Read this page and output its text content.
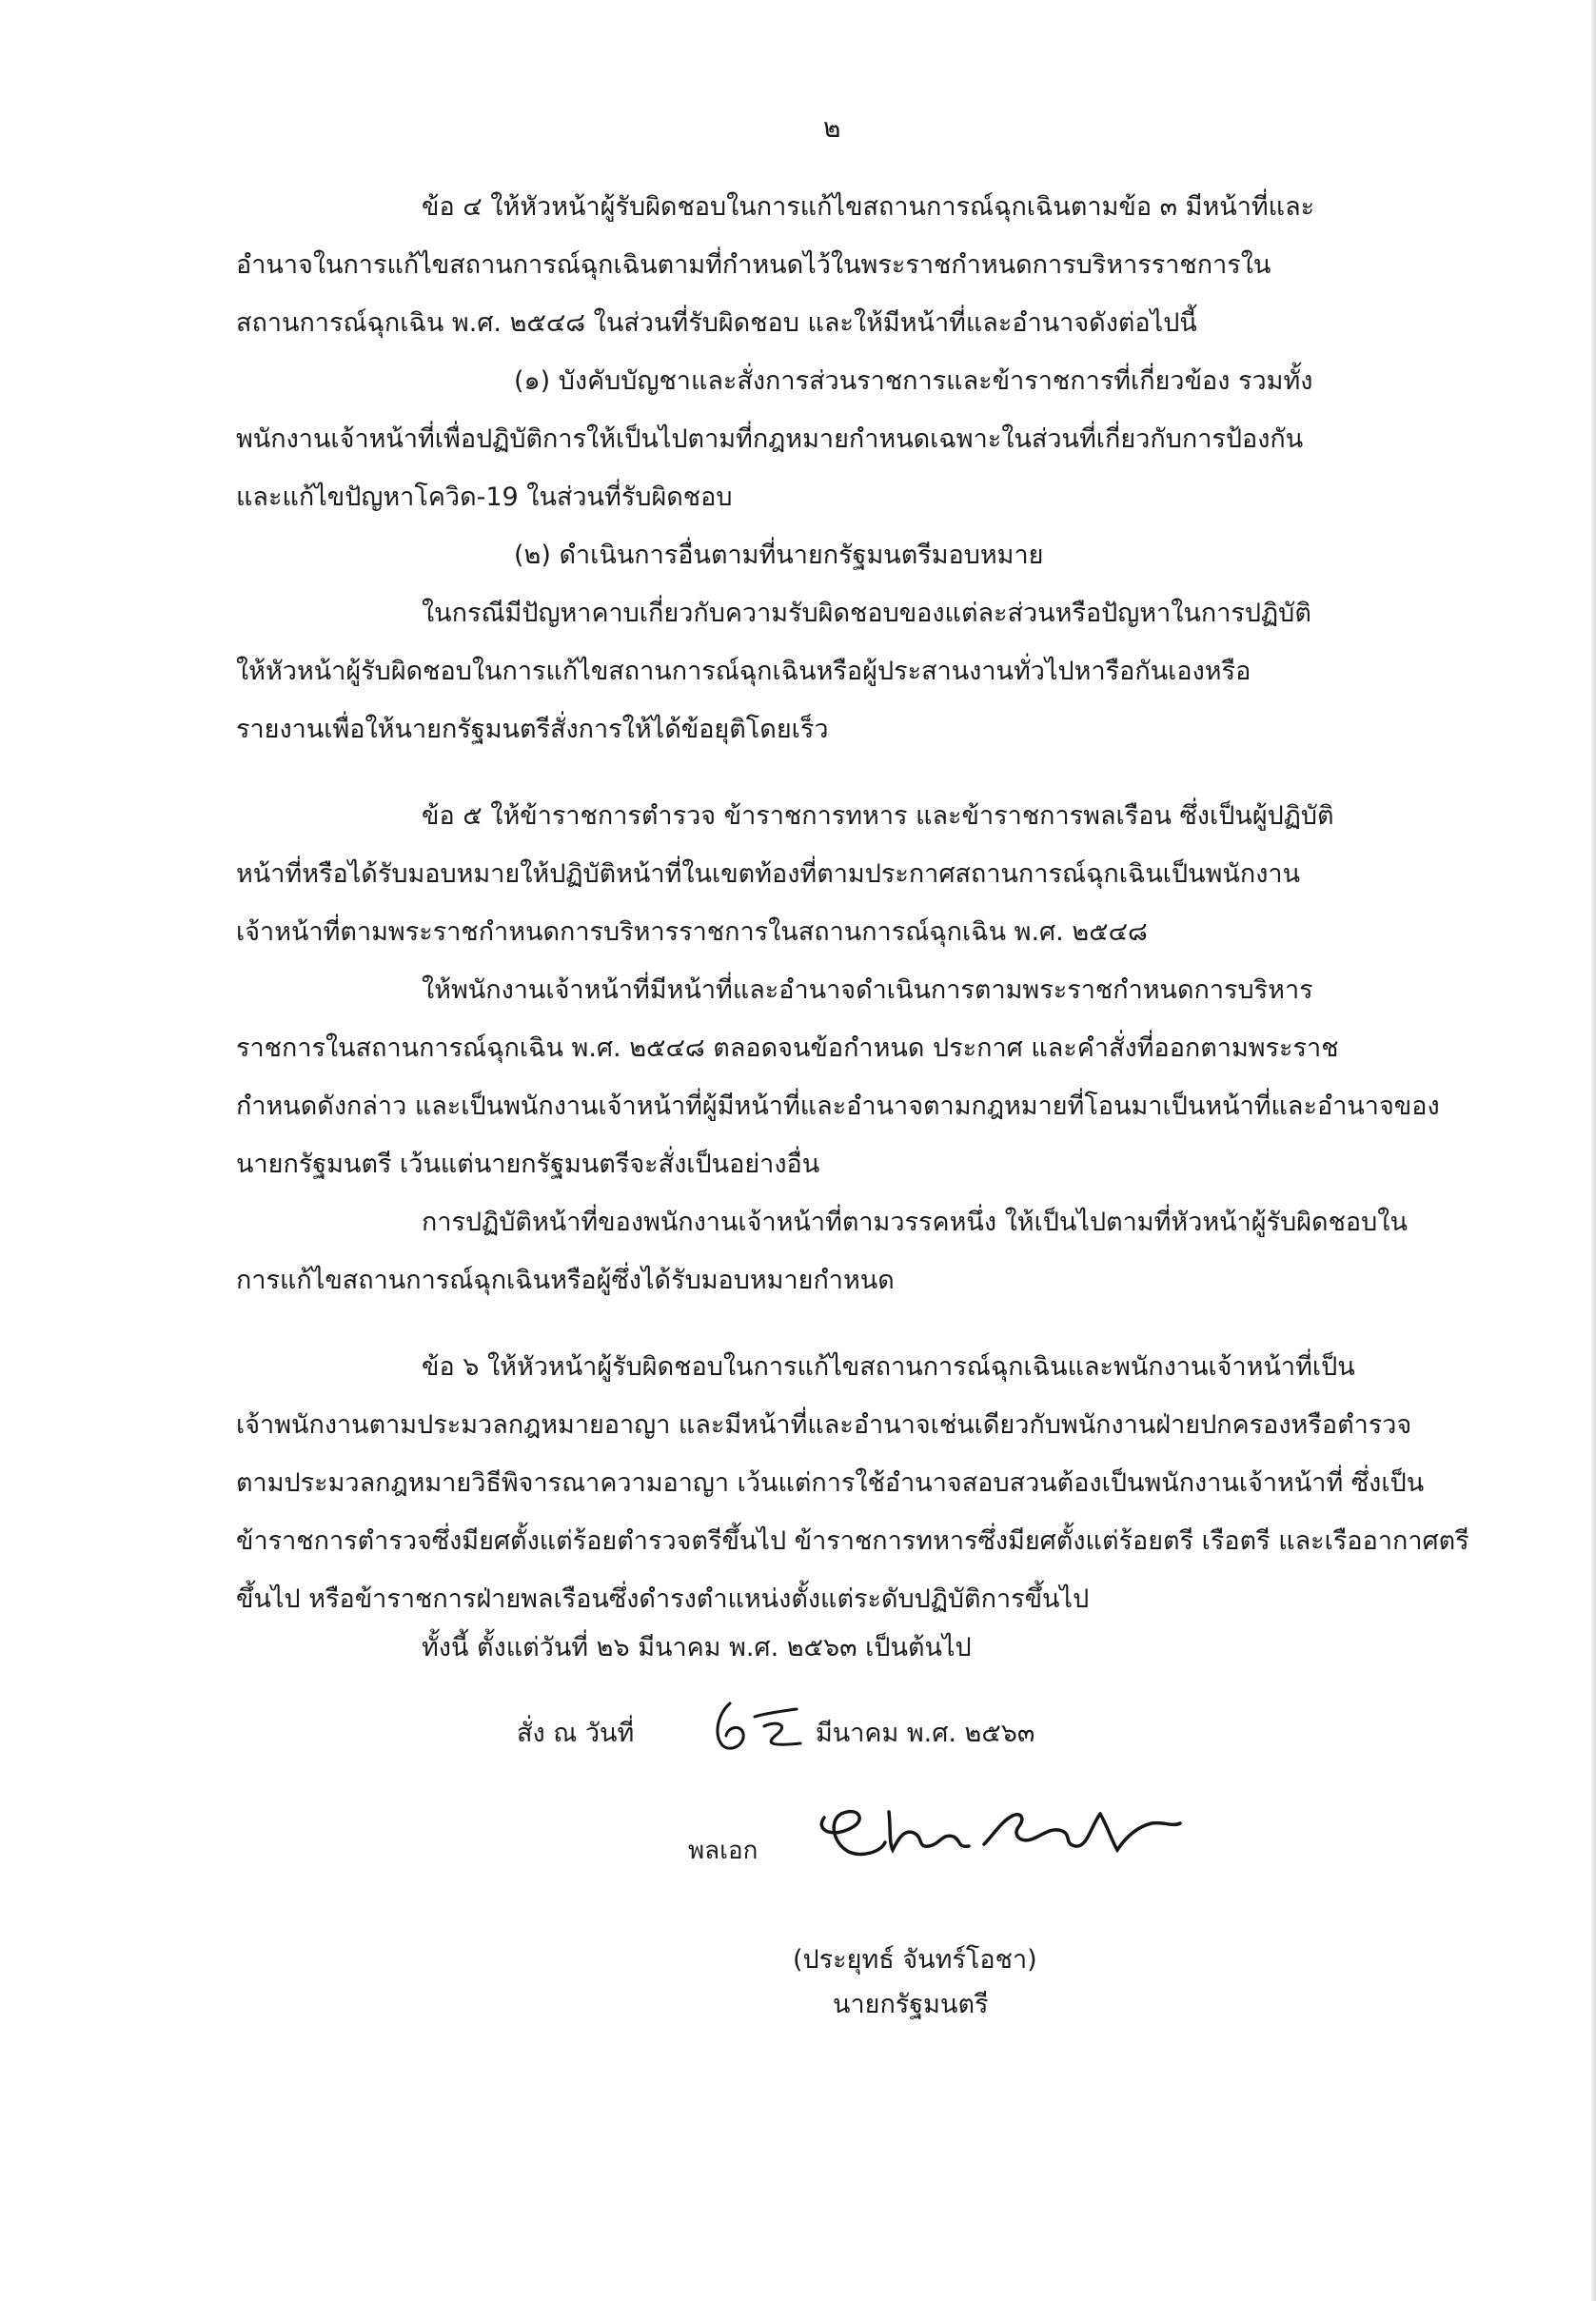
๒
ข้อ ๔ ให้หัวหน้าผู้รับผิดชอบในการแก้ไขสถานการณ์ฉุกเฉินตามข้อ ๓ มีหน้าที่และ
อำนาจในการแก้ไขสถานการณ์ฉุกเฉินตามที่กำหนดไว้ในพระราชกำหนดการบริหารราชการใน
สถานการณ์ฉุกเฉิน พ.ศ. ๒๕๔๘ ในส่วนที่รับผิดชอบ และให้มีหน้าที่และอำนาจดังต่อไปนี้
(๑) บังคับบัญชาและสั่งการส่วนราชการและข้าราชการที่เกี่ยวข้อง รวมทั้ง
พนักงานเจ้าหน้าที่เพื่อปฏิบัติการให้เป็นไปตามที่กฎหมายกำหนดเฉพาะในส่วนที่เกี่ยวกับการป้องกัน
และแก้ไขปัญหาโควิด-19 ในส่วนที่รับผิดชอบ
(๒) ดำเนินการอื่นตามที่นายกรัฐมนตรีมอบหมาย
ในกรณีมีปัญหาคาบเกี่ยวกับความรับผิดชอบของแต่ละส่วนหรือปัญหาในการปฏิบัติ
ให้หัวหน้าผู้รับผิดชอบในการแก้ไขสถานการณ์ฉุกเฉินหรือผู้ประสานงานทั่วไปหารือกันเองหรือ
รายงานเพื่อให้นายกรัฐมนตรีสั่งการให้ได้ข้อยุติโดยเร็ว
ข้อ ๕ ให้ข้าราชการตำรวจ ข้าราชการทหาร และข้าราชการพลเรือน ซึ่งเป็นผู้ปฏิบัติ
หน้าที่หรือได้รับมอบหมายให้ปฏิบัติหน้าที่ในเขตท้องที่ตามประกาศสถานการณ์ฉุกเฉินเป็นพนักงาน
เจ้าหน้าที่ตามพระราชกำหนดการบริหารราชการในสถานการณ์ฉุกเฉิน พ.ศ. ๒๕๔๘
ให้พนักงานเจ้าหน้าที่มีหน้าที่และอำนาจดำเนินการตามพระราชกำหนดการบริหาร
ราชการในสถานการณ์ฉุกเฉิน พ.ศ. ๒๕๔๘ ตลอดจนข้อกำหนด ประกาศ และคำสั่งที่ออกตามพระราช
กำหนดดังกล่าว และเป็นพนักงานเจ้าหน้าที่ผู้มีหน้าที่และอำนาจตามกฎหมายที่โอนมาเป็นหน้าที่และอำนาจของ
นายกรัฐมนตรี เว้นแต่นายกรัฐมนตรีจะสั่งเป็นอย่างอื่น
การปฏิบัติหน้าที่ของพนักงานเจ้าหน้าที่ตามวรรคหนึ่ง ให้เป็นไปตามที่หัวหน้าผู้รับผิดชอบใน
การแก้ไขสถานการณ์ฉุกเฉินหรือผู้ซึ่งได้รับมอบหมายกำหนด
ข้อ ๖ ให้หัวหน้าผู้รับผิดชอบในการแก้ไขสถานการณ์ฉุกเฉินและพนักงานเจ้าหน้าที่เป็น
เจ้าพนักงานตามประมวลกฎหมายอาญา และมีหน้าที่และอำนาจเช่นเดียวกับพนักงานฝ่ายปกครองหรือตำรวจ
ตามประมวลกฎหมายวิธีพิจารณาความอาญา เว้นแต่การใช้อำนาจสอบสวนต้องเป็นพนักงานเจ้าหน้าที่ ซึ่งเป็น
ข้าราชการตำรวจซึ่งมียศตั้งแต่ร้อยตำรวจตรีขึ้นไป ข้าราชการทหารซึ่งมียศตั้งแต่ร้อยตรี เรือตรี และเรืออากาศตรี
ขึ้นไป หรือข้าราชการฝ่ายพลเรือนซึ่งดำรงตำแหน่งตั้งแต่ระดับปฏิบัติการขึ้นไป
ทั้งนี้ ตั้งแต่วันที่ ๒๖ มีนาคม พ.ศ. ๒๕๖๓ เป็นต้นไป
สั่ง ณ วันที่	มีนาคม พ.ศ. ๒๕๖๓
พลเอก
(ประยุทธ์ จันทร์โอชา)
นายกรัฐมนตรี
